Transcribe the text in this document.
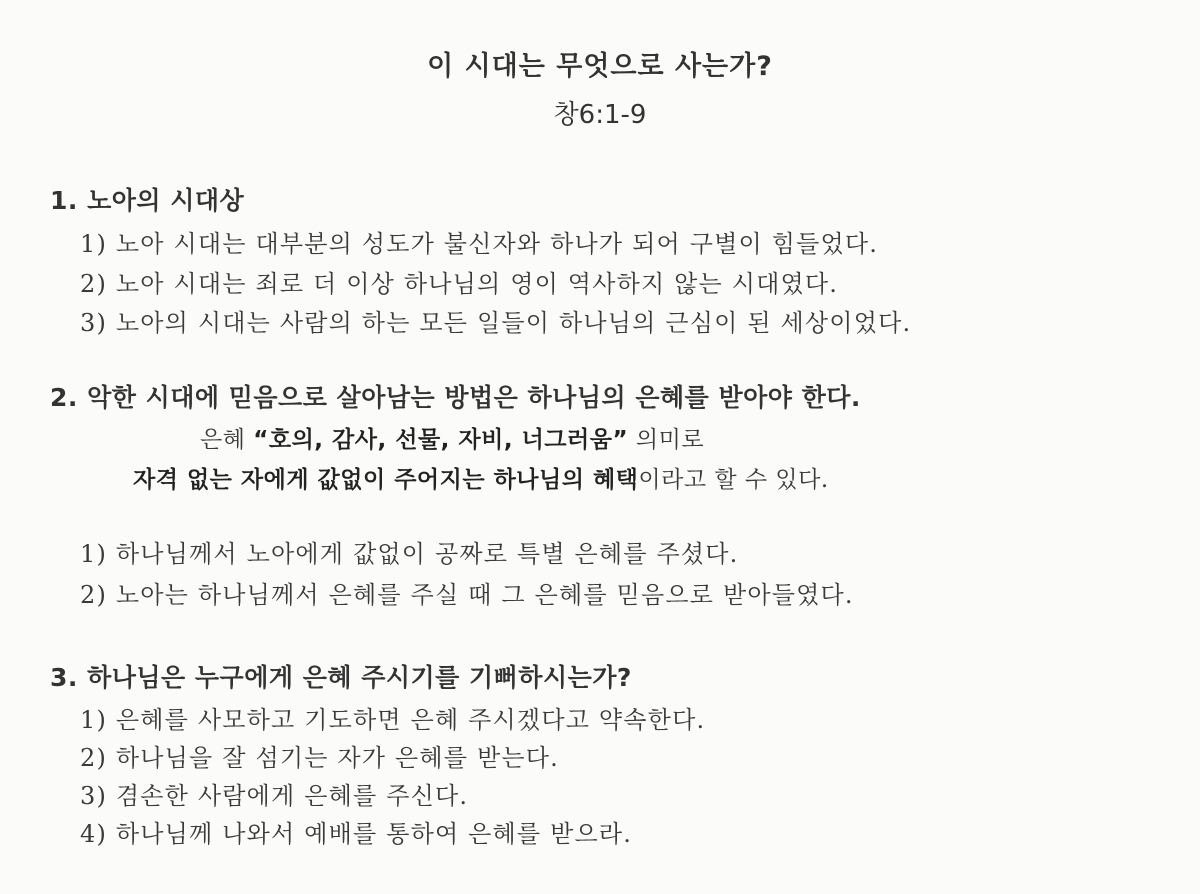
이 시대는 무엇으로 사는가?
창6:1-9
1. 노아의 시대상
1) 노아 시대는 대부분의 성도가 불신자와 하나가 되어 구별이 힘들었다.
2) 노아 시대는 죄로 더 이상 하나님의 영이 역사하지 않는 시대였다.
3) 노아의 시대는 사람의 하는 모든 일들이 하나님의 근심이 된 세상이었다.
2. 악한 시대에 믿음으로 살아남는 방법은 하나님의 은혜를 받아야 한다.
은혜 “호의, 감사, 선물, 자비, 너그러움” 의미로
자격 없는 자에게 값없이 주어지는 하나님의 혜택이라고 할 수 있다.
1) 하나님께서 노아에게 값없이 공짜로 특별 은혜를 주셨다.
2) 노아는 하나님께서 은혜를 주실 때 그 은혜를 믿음으로 받아들였다.
3. 하나님은 누구에게 은혜 주시기를 기뻐하시는가?
1) 은혜를 사모하고 기도하면 은혜 주시겠다고 약속한다.
2) 하나님을 잘 섬기는 자가 은혜를 받는다.
3) 겸손한 사람에게 은혜를 주신다.
4) 하나님께 나와서 예배를 통하여 은혜를 받으라.
